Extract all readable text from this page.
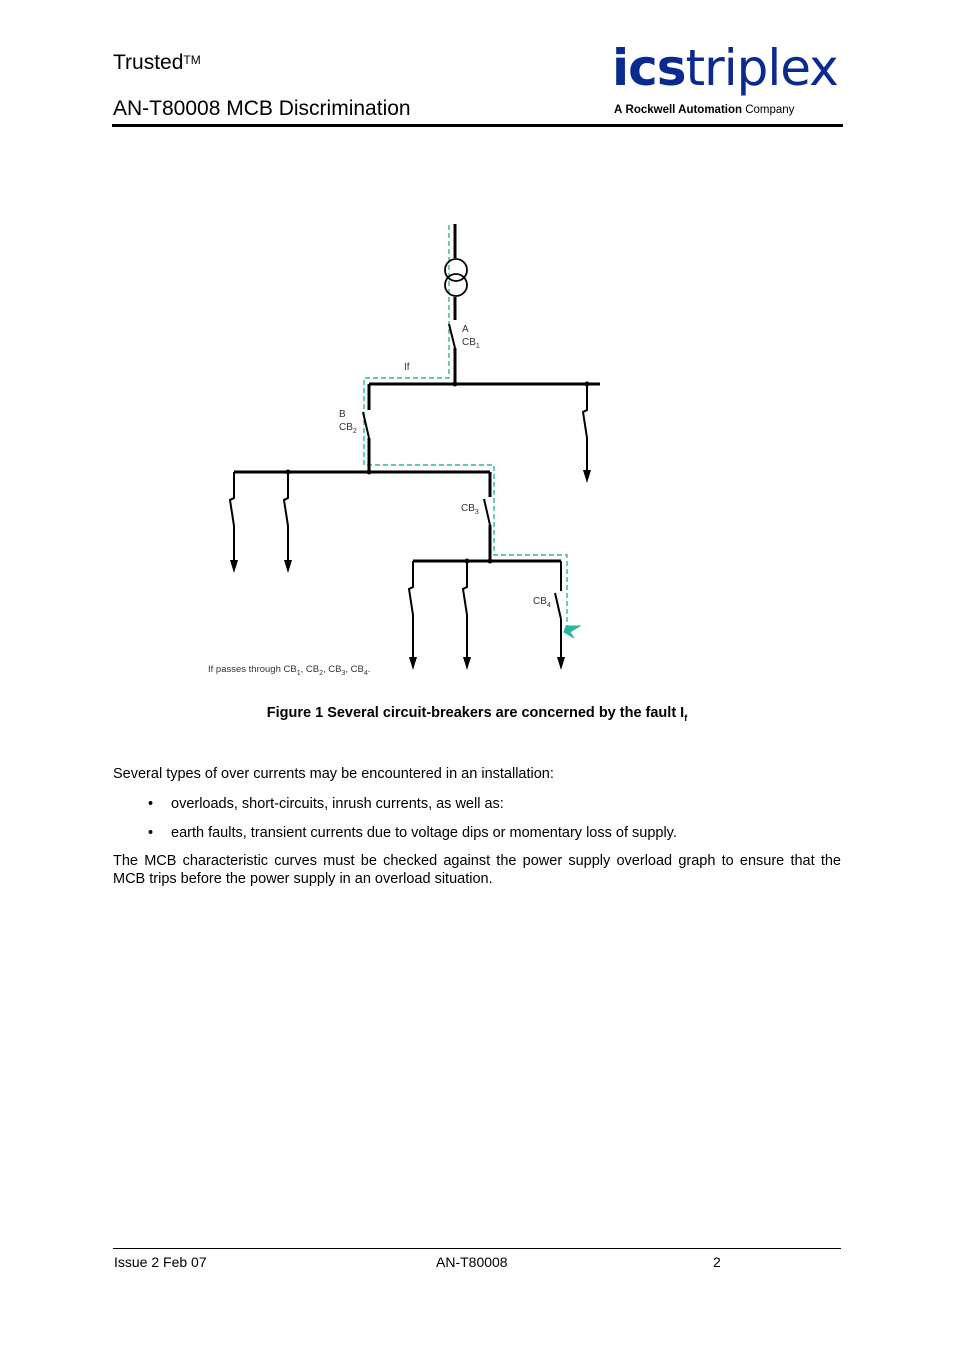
Trusted™
AN-T80008 MCB Discrimination
icstriplex
A Rockwell Automation Company
A
$CB_1$
If
B
$CB_2$
$CB_3$
$CB_4$
If passes through $CB_1$, $CB_2$, $CB_3$, $CB_4$.
Figure 1 Several circuit-breakers are concerned by the fault $I_f$
Several types of over currents may be encountered in an installation:
• overloads, short-circuits, inrush currents, as well as:
• earth faults, transient currents due to voltage dips or momentary loss of supply.
The MCB characteristic curves must be checked against the power supply overload graph to ensure that the MCB trips before the power supply in an overload situation.
Issue 2 Feb 07	AN-T80008	2
